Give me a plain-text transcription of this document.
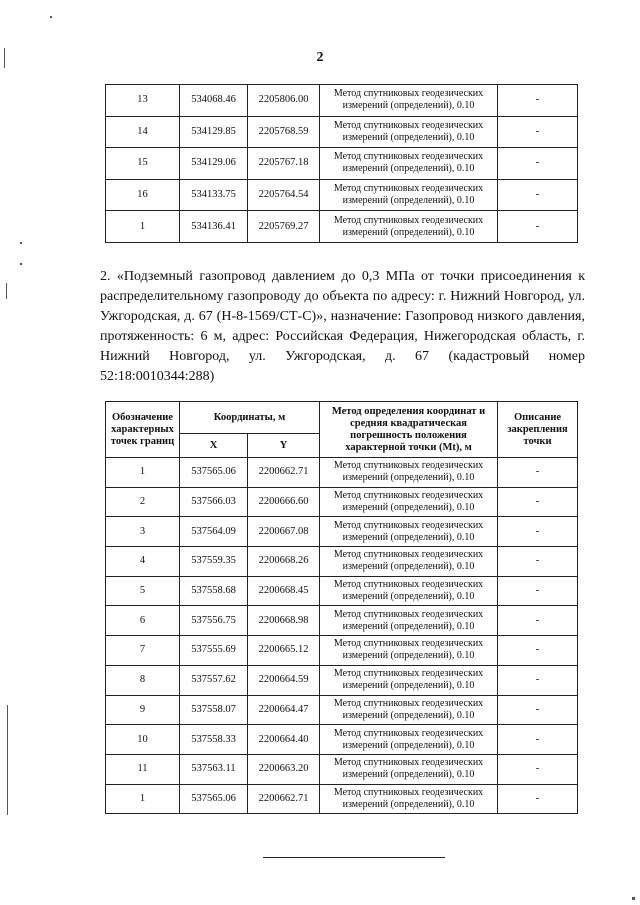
2
13	534068.46	2205806.00	Метод спутниковых геодезических измерений (определений), 0.10	-
14	534129.85	2205768.59	Метод спутниковых геодезических измерений (определений), 0.10	-
15	534129.06	2205767.18	Метод спутниковых геодезических измерений (определений), 0.10	-
16	534133.75	2205764.54	Метод спутниковых геодезических измерений (определений), 0.10	-
1	534136.41	2205769.27	Метод спутниковых геодезических измерений (определений), 0.10	-
2. «Подземный газопровод давлением до 0,3 МПа от точки присоединения к распределительному газопроводу до объекта по адресу: г. Нижний Новгород, ул. Ужгородская, д. 67 (Н-8-1569/СТ-С)», назначение: Газопровод низкого давления, протяженность: 6 м, адрес: Российская Федерация, Нижегородская область, г. Нижний Новгород, ул. Ужгородская, д. 67 (кадастровый номер 52:18:0010344:288)
Обозначение характерных точек границ	Координаты, м		Метод определения координат и средняя квадратическая погрешность положения характерной точки (Mt), м	Описание закрепления точки
	X	Y		
1	537565.06	2200662.71	Метод спутниковых геодезических измерений (определений), 0.10	-
2	537566.03	2200666.60	Метод спутниковых геодезических измерений (определений), 0.10	-
3	537564.09	2200667.08	Метод спутниковых геодезических измерений (определений), 0.10	-
4	537559.35	2200668.26	Метод спутниковых геодезических измерений (определений), 0.10	-
5	537558.68	2200668.45	Метод спутниковых геодезических измерений (определений), 0.10	-
6	537556.75	2200668.98	Метод спутниковых геодезических измерений (определений), 0.10	-
7	537555.69	2200665.12	Метод спутниковых геодезических измерений (определений), 0.10	-
8	537557.62	2200664.59	Метод спутниковых геодезических измерений (определений), 0.10	-
9	537558.07	2200664.47	Метод спутниковых геодезических измерений (определений), 0.10	-
10	537558.33	2200664.40	Метод спутниковых геодезических измерений (определений), 0.10	-
11	537563.11	2200663.20	Метод спутниковых геодезических измерений (определений), 0.10	-
1	537565.06	2200662.71	Метод спутниковых геодезических измерений (определений), 0.10	-
